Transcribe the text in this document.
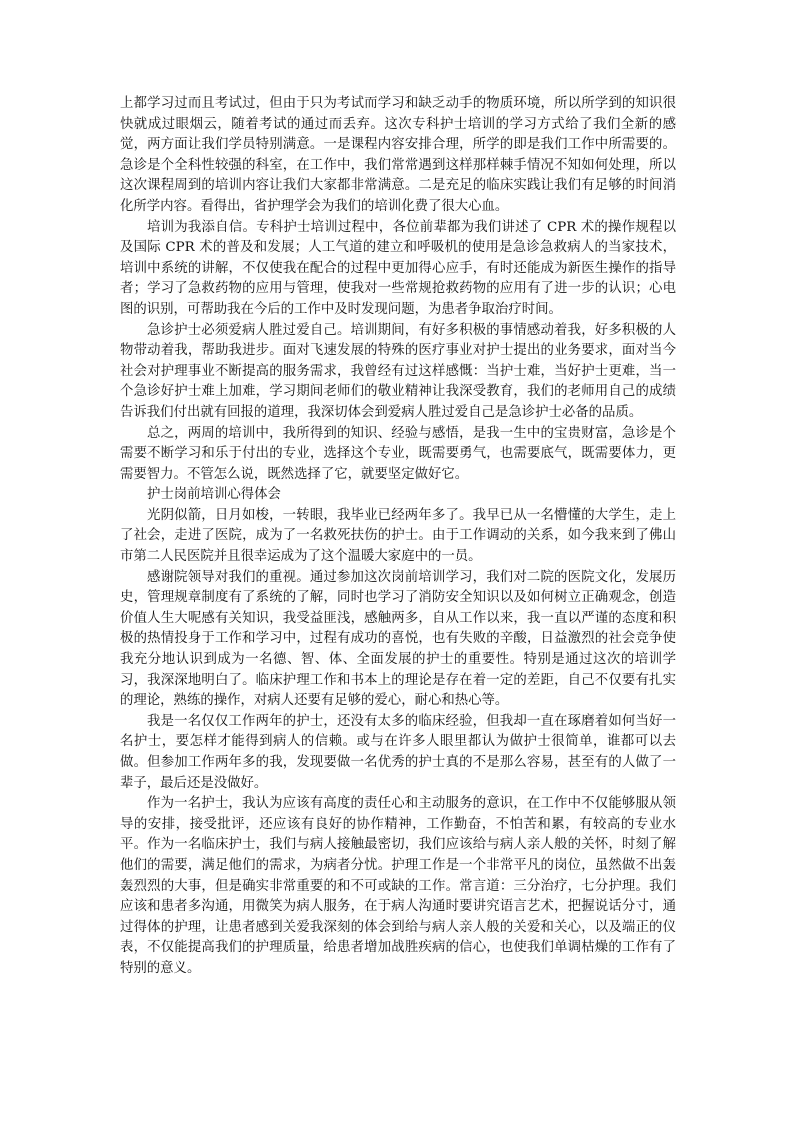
上都学习过而且考试过，但由于只为考试而学习和缺乏动手的物质环境，所以所学到的知识很快就成过眼烟云，随着考试的通过而丢弃。这次专科护士培训的学习方式给了我们全新的感觉，两方面让我们学员特别满意。一是课程内容安排合理，所学的即是我们工作中所需要的。急诊是个全科性较强的科室，在工作中，我们常常遇到这样那样棘手情况不知如何处理，所以这次课程周到的培训内容让我们大家都非常满意。二是充足的临床实践让我们有足够的时间消化所学内容。看得出，省护理学会为我们的培训化费了很大心血。

培训为我添自信。专科护士培训过程中，各位前辈都为我们讲述了 CPR 术的操作规程以及国际 CPR 术的普及和发展；人工气道的建立和呼吸机的使用是急诊急救病人的当家技术，培训中系统的讲解，不仅使我在配合的过程中更加得心应手，有时还能成为新医生操作的指导者；学习了急救药物的应用与管理，使我对一些常规抢救药物的应用有了进一步的认识；心电图的识别，可帮助我在今后的工作中及时发现问题，为患者争取治疗时间。

急诊护士必须爱病人胜过爱自己。培训期间，有好多积极的事情感动着我，好多积极的人物带动着我，帮助我进步。面对飞速发展的特殊的医疗事业对护士提出的业务要求，面对当今社会对护理事业不断提高的服务需求，我曾经有过这样感慨：当护士难，当好护士更难，当一个急诊好护士难上加难，学习期间老师们的敬业精神让我深受教育，我们的老师用自己的成绩告诉我们付出就有回报的道理，我深切体会到爱病人胜过爱自己是急诊护士必备的品质。

总之，两周的培训中，我所得到的知识、经验与感悟，是我一生中的宝贵财富，急诊是个需要不断学习和乐于付出的专业，选择这个专业，既需要勇气，也需要底气，既需要体力，更需要智力。不管怎么说，既然选择了它，就要坚定做好它。

护士岗前培训心得体会

光阴似箭，日月如梭，一转眼，我毕业已经两年多了。我早已从一名懵懂的大学生，走上了社会，走进了医院，成为了一名救死扶伤的护士。由于工作调动的关系，如今我来到了佛山市第二人民医院并且很幸运成为了这个温暖大家庭中的一员。

感谢院领导对我们的重视。通过参加这次岗前培训学习，我们对二院的医院文化，发展历史，管理规章制度有了系统的了解，同时也学习了消防安全知识以及如何树立正确观念，创造价值人生大呢感有关知识，我受益匪浅，感触两多，自从工作以来，我一直以严谨的态度和积极的热情投身于工作和学习中，过程有成功的喜悦，也有失败的辛酸，日益激烈的社会竞争使我充分地认识到成为一名德、智、体、全面发展的护士的重要性。特别是通过这次的培训学习，我深深地明白了。临床护理工作和书本上的理论是存在着一定的差距，自己不仅要有扎实的理论，熟练的操作，对病人还要有足够的爱心，耐心和热心等。

我是一名仅仅工作两年的护士，还没有太多的临床经验，但我却一直在琢磨着如何当好一名护士，要怎样才能得到病人的信赖。或与在许多人眼里都认为做护士很简单，谁都可以去做。但参加工作两年多的我，发现要做一名优秀的护士真的不是那么容易，甚至有的人做了一辈子，最后还是没做好。

作为一名护士，我认为应该有高度的责任心和主动服务的意识，在工作中不仅能够服从领导的安排，接受批评，还应该有良好的协作精神，工作勤奋，不怕苦和累，有较高的专业水平。作为一名临床护士，我们与病人接触最密切，我们应该给与病人亲人般的关怀，时刻了解他们的需要，满足他们的需求，为病者分忧。护理工作是一个非常平凡的岗位，虽然做不出轰轰烈烈的大事，但是确实非常重要的和不可或缺的工作。常言道：三分治疗，七分护理。我们应该和患者多沟通，用微笑为病人服务，在于病人沟通时要讲究语言艺术，把握说话分寸，通过得体的护理，让患者感到关爱我深刻的体会到给与病人亲人般的关爱和关心，以及端正的仪表，不仅能提高我们的护理质量，给患者增加战胜疾病的信心，也使我们单调枯燥的工作有了特别的意义。
